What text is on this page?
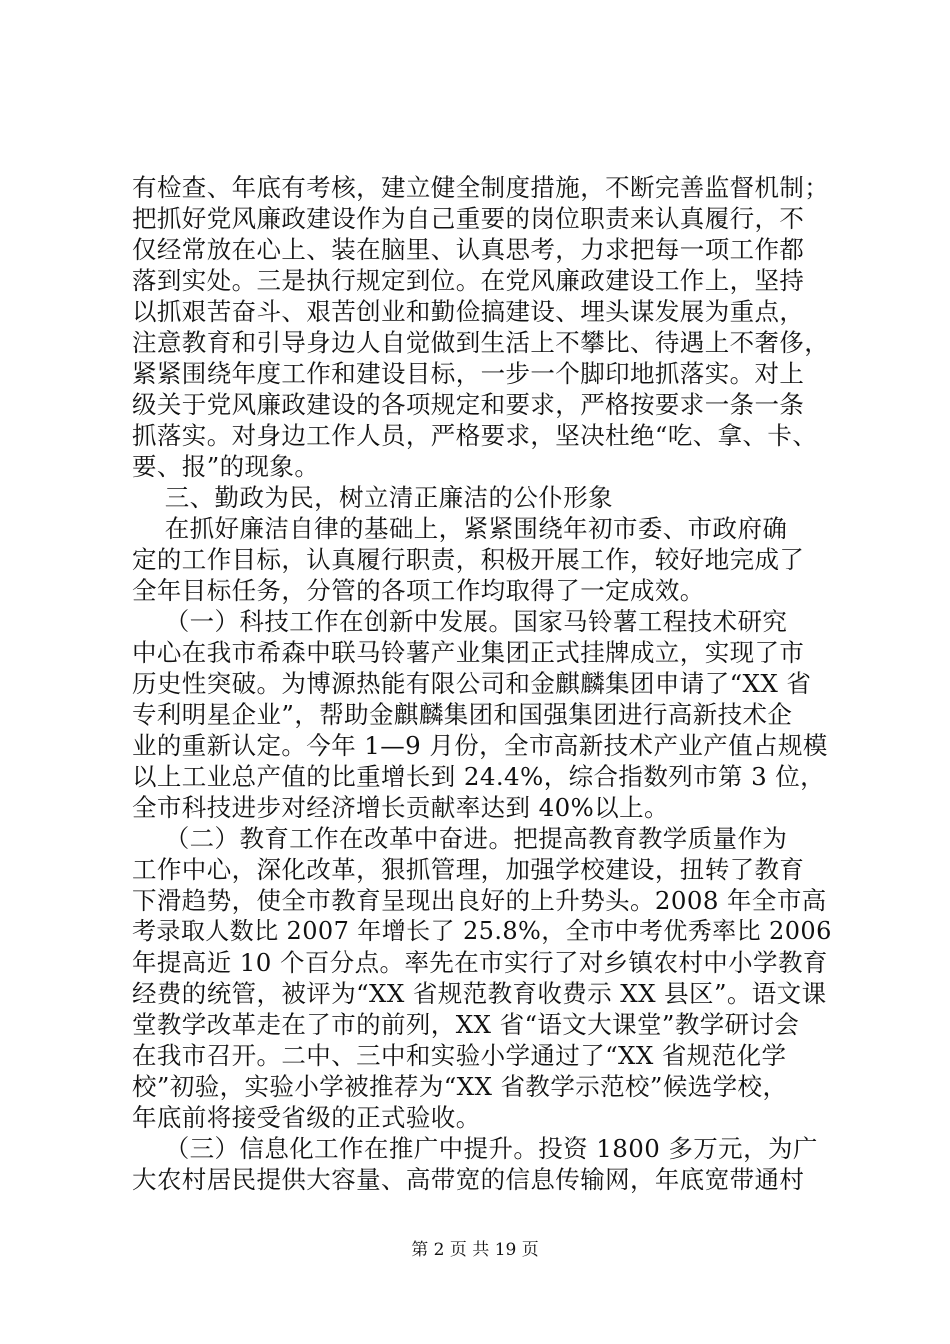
有检查、年底有考核，建立健全制度措施，不断完善监督机制；
把抓好党风廉政建设作为自己重要的岗位职责来认真履行，不
仅经常放在心上、装在脑里、认真思考，力求把每一项工作都
落到实处。三是执行规定到位。在党风廉政建设工作上，坚持
以抓艰苦奋斗、艰苦创业和勤俭搞建设、埋头谋发展为重点，
注意教育和引导身边人自觉做到生活上不攀比、待遇上不奢侈，
紧紧围绕年度工作和建设目标，一步一个脚印地抓落实。对上
级关于党风廉政建设的各项规定和要求，严格按要求一条一条
抓落实。对身边工作人员，严格要求，坚决杜绝“吃、拿、卡、
要、报”的现象。
三、勤政为民，树立清正廉洁的公仆形象
在抓好廉洁自律的基础上，紧紧围绕年初市委、市政府确
定的工作目标，认真履行职责，积极开展工作，较好地完成了
全年目标任务，分管的各项工作均取得了一定成效。
（一）科技工作在创新中发展。国家马铃薯工程技术研究
中心在我市希森中联马铃薯产业集团正式挂牌成立，实现了市
历史性突破。为博源热能有限公司和金麒麟集团申请了“XX 省
专利明星企业”，帮助金麒麟集团和国强集团进行高新技术企
业的重新认定。今年 1—9 月份，全市高新技术产业产值占规模
以上工业总产值的比重增长到 24.4%，综合指数列市第 3 位，
全市科技进步对经济增长贡献率达到 40%以上。
（二）教育工作在改革中奋进。把提高教育教学质量作为
工作中心，深化改革，狠抓管理，加强学校建设，扭转了教育
下滑趋势，使全市教育呈现出良好的上升势头。2008 年全市高
考录取人数比 2007 年增长了 25.8%，全市中考优秀率比 2006
年提高近 10 个百分点。率先在市实行了对乡镇农村中小学教育
经费的统管，被评为“XX 省规范教育收费示 XX 县区”。语文课
堂教学改革走在了市的前列，XX 省“语文大课堂”教学研讨会
在我市召开。二中、三中和实验小学通过了“XX 省规范化学
校”初验，实验小学被推荐为“XX 省教学示范校”候选学校，
年底前将接受省级的正式验收。
（三）信息化工作在推广中提升。投资 1800 多万元，为广
大农村居民提供大容量、高带宽的信息传输网，年底宽带通村
第 2 页 共 19 页
